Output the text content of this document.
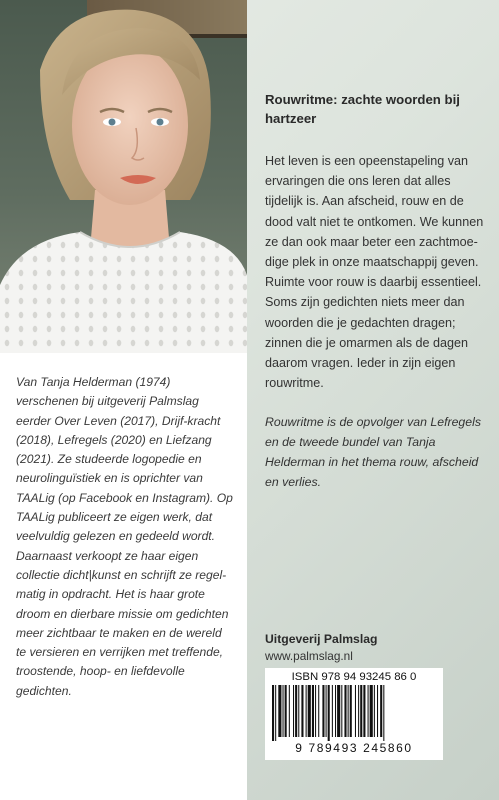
Van Tanja Helderman (1974) verschenen bij uitgeverij Palmslag eerder Over Leven (2017), Drijf-kracht (2018), Lefregels (2020) en Liefzang (2021). Ze studeerde logopedie en neurolinguïstiek en is oprichter van TAALig (op Facebook en Instagram). Op TAALig publiceert ze eigen werk, dat veelvuldig gelezen en gedeeld wordt. Daarnaast verkoopt ze haar eigen collectie dicht|kunst en schrijft ze regel-matig in opdracht. Het is haar grote droom en dierbare missie om gedichten meer zichtbaar te maken en de wereld te versieren en verrijken met treffende, troostende, hoop- en liefdevolle gedichten.

Rouwritme: zachte woorden bij hartzeer

Het leven is een opeenstapeling van ervaringen die ons leren dat alles tijdelijk is. Aan afscheid, rouw en de dood valt niet te ontkomen. We kunnen ze dan ook maar beter een zachtmoe-dige plek in onze maatschappij geven. Ruimte voor rouw is daarbij essentieel. Soms zijn gedichten niets meer dan woorden die je gedachten dragen; zinnen die je omarmen als de dagen daarom vragen. Ieder in zijn eigen rouwritme.

Rouwritme is de opvolger van Lefregels en de tweede bundel van Tanja Helderman in het thema rouw, afscheid en verlies.

Uitgeverij Palmslag
www.palmslag.nl
ISBN 978 94 93245 86 0
9 789493 245860
